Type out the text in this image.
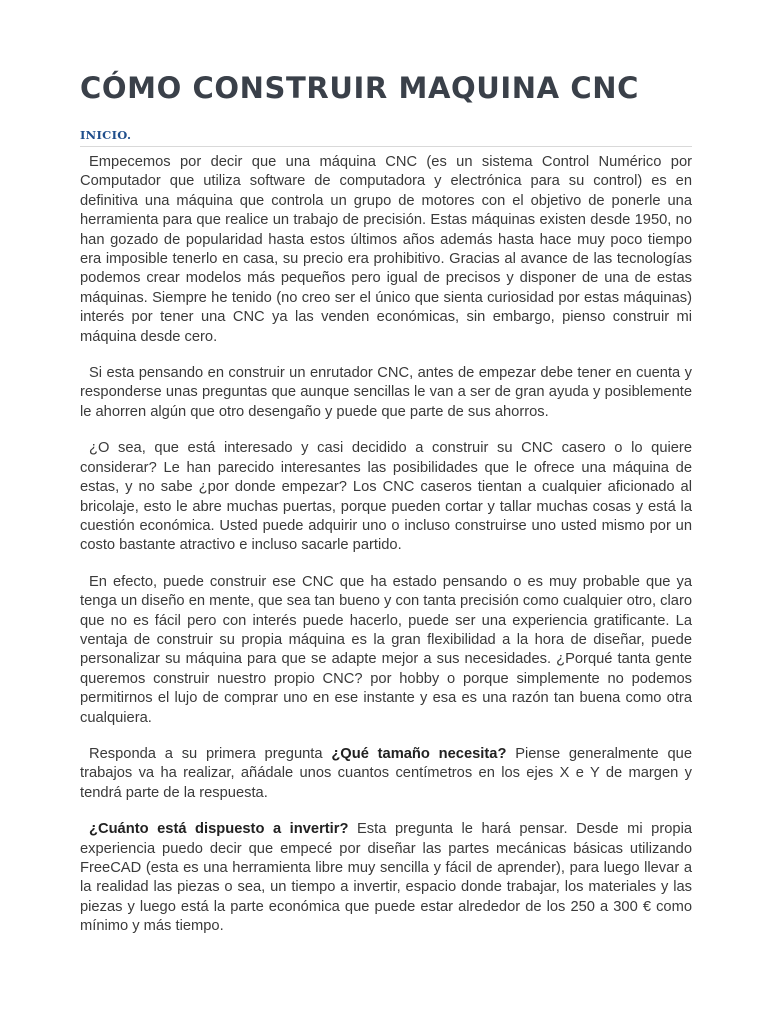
CÓMO CONSTRUIR MAQUINA CNC
INICIO.

Empecemos por decir que una máquina CNC (es un sistema Control Numérico por Computador que utiliza software de computadora y electrónica para su control) es en definitiva una máquina que controla un grupo de motores con el objetivo de ponerle una herramienta para que realice un trabajo de precisión. Estas máquinas existen desde 1950, no han gozado de popularidad hasta estos últimos años además hasta hace muy poco tiempo era imposible tenerlo en casa, su precio era prohibitivo. Gracias al avance de las tecnologías podemos crear modelos más pequeños pero igual de precisos y disponer de una de estas máquinas. Siempre he tenido (no creo ser el único que sienta curiosidad por estas máquinas) interés por tener una CNC ya las venden económicas, sin embargo, pienso construir mi máquina desde cero.

Si esta pensando en construir un enrutador CNC, antes de empezar debe tener en cuenta y responderse unas preguntas que aunque sencillas le van a ser de gran ayuda y posiblemente le ahorren algún que otro desengaño y puede que parte de sus ahorros.

¿O sea, que está interesado y casi decidido a construir su CNC casero o lo quiere considerar? Le han parecido interesantes las posibilidades que le ofrece una máquina de estas, y no sabe ¿por donde empezar? Los CNC caseros tientan a cualquier aficionado al bricolaje, esto le abre muchas puertas, porque pueden cortar y tallar muchas cosas y está la cuestión económica. Usted puede adquirir uno o incluso construirse uno usted mismo por un costo bastante atractivo e incluso sacarle partido.

En efecto, puede construir ese CNC que ha estado pensando o es muy probable que ya tenga un diseño en mente, que sea tan bueno y con tanta precisión como cualquier otro, claro que no es fácil pero con interés puede hacerlo, puede ser una experiencia gratificante. La ventaja de construir su propia máquina es la gran flexibilidad a la hora de diseñar, puede personalizar su máquina para que se adapte mejor a sus necesidades. ¿Porqué tanta gente queremos construir nuestro propio CNC? por hobby o porque simplemente no podemos permitirnos el lujo de comprar uno en ese instante y esa es una razón tan buena como otra cualquiera.

Responda a su primera pregunta ¿Qué tamaño necesita? Piense generalmente que trabajos va ha realizar, añádale unos cuantos centímetros en los ejes X e Y de margen y tendrá parte de la respuesta.

¿Cuánto está dispuesto a invertir? Esta pregunta le hará pensar. Desde mi propia experiencia puedo decir que empecé por diseñar las partes mecánicas básicas utilizando FreeCAD (esta es una herramienta libre muy sencilla y fácil de aprender), para luego llevar a la realidad las piezas o sea, un tiempo a invertir, espacio donde trabajar, los materiales y las piezas y luego está la parte económica que puede estar alrededor de los 250 a 300 € como mínimo y más tiempo.
